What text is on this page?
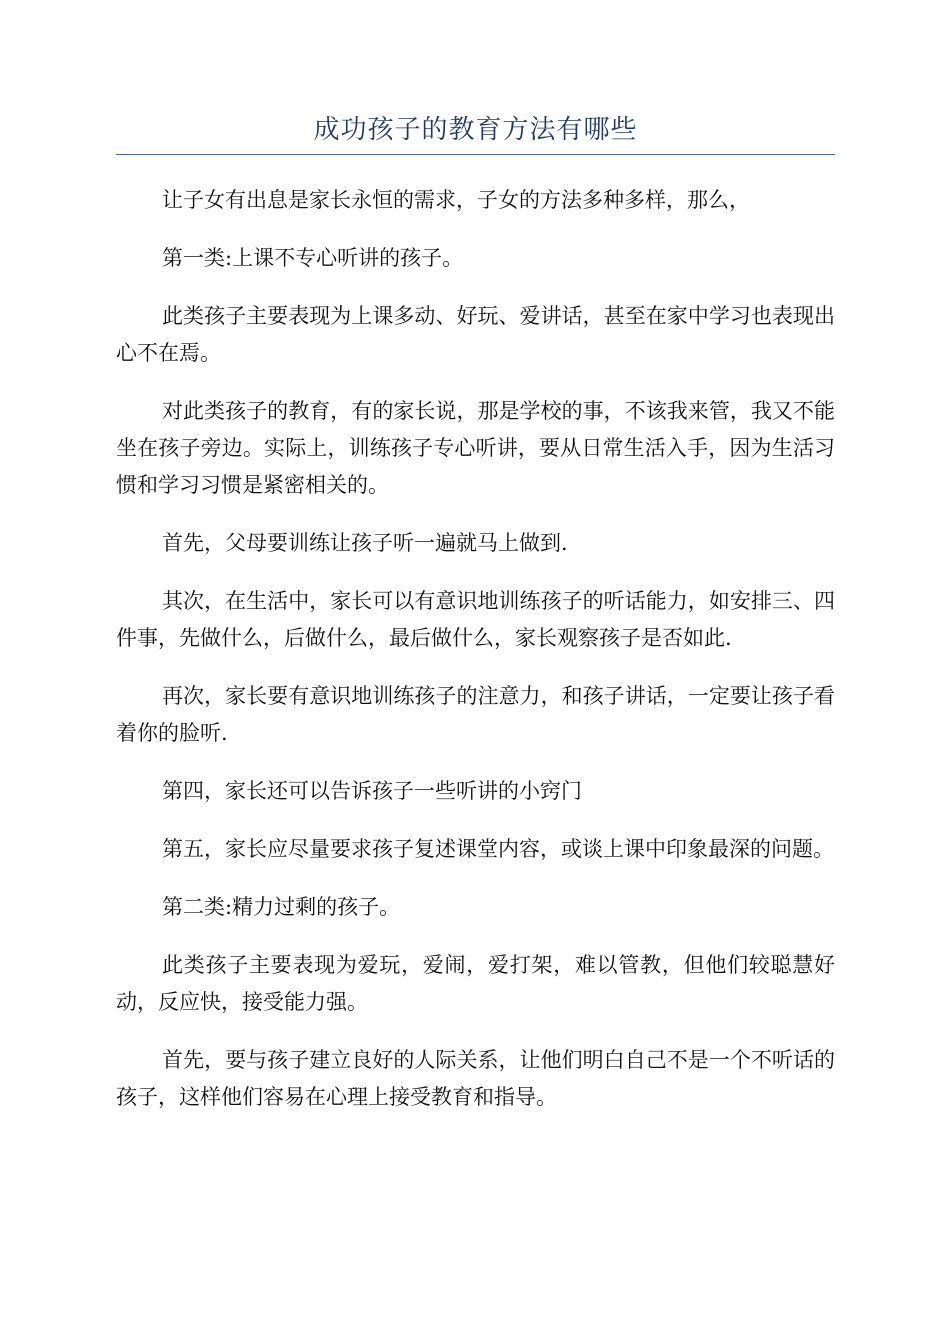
成功孩子的教育方法有哪些

让子女有出息是家长永恒的需求，子女的方法多种多样，那么，

第一类:上课不专心听讲的孩子。

此类孩子主要表现为上课多动、好玩、爱讲话，甚至在家中学习也表现出心不在焉。

对此类孩子的教育，有的家长说，那是学校的事，不该我来管，我又不能坐在孩子旁边。实际上，训练孩子专心听讲，要从日常生活入手，因为生活习惯和学习习惯是紧密相关的。

首先，父母要训练让孩子听一遍就马上做到.

其次，在生活中，家长可以有意识地训练孩子的听话能力，如安排三、四件事，先做什么，后做什么，最后做什么，家长观察孩子是否如此.

再次，家长要有意识地训练孩子的注意力，和孩子讲话，一定要让孩子看着你的脸听.

第四，家长还可以告诉孩子一些听讲的小窍门

第五，家长应尽量要求孩子复述课堂内容，或谈上课中印象最深的问题。

第二类:精力过剩的孩子。

此类孩子主要表现为爱玩，爱闹，爱打架，难以管教，但他们较聪慧好动，反应快，接受能力强。

首先，要与孩子建立良好的人际关系，让他们明白自己不是一个不听话的孩子，这样他们容易在心理上接受教育和指导。
